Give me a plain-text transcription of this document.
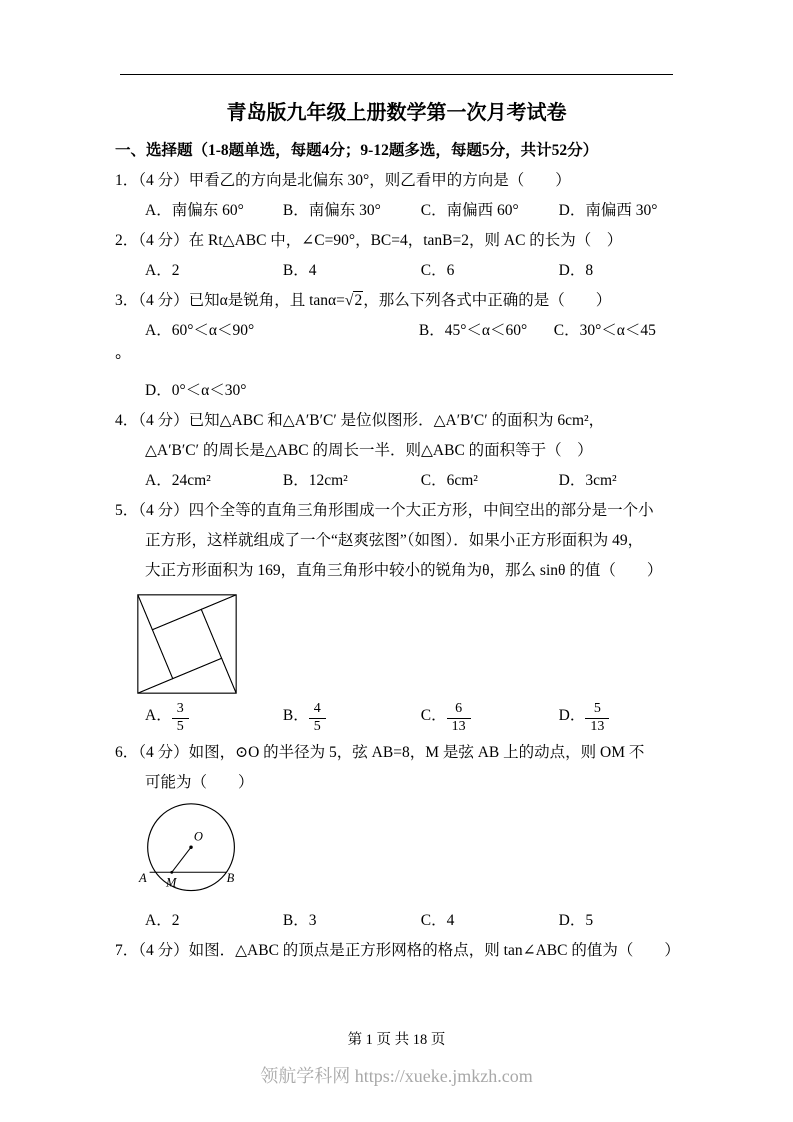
青岛版九年级上册数学第一次月考试卷
一、选择题（1-8题单选，每题4分；9-12题多选，每题5分，共计52分）
1．（4 分）甲看乙的方向是北偏东 30°，则乙看甲的方向是（　　）
A．南偏东 60°	B．南偏东 30°	C．南偏西 60°	D．南偏西 30°
2．（4 分）在 Rt△ABC 中，∠C=90°，BC=4，tanB=2，则 AC 的长为（　）
A．2	B．4	C．6	D．8
3．（4 分）已知α是锐角，且 tanα=√2，那么下列各式中正确的是（　　）
A．60°＜α＜90°	B．45°＜α＜60° C．30°＜α＜45
°
D．0°＜α＜30°
4．（4 分）已知△ABC 和△A′B′C′ 是位似图形．△A′B′C′ 的面积为 6cm²，
△A′B′C′ 的周长是△ABC 的周长一半．则△ABC 的面积等于（　）
A．24cm²	B．12cm²	C．6cm²	D．3cm²
5．（4 分）四个全等的直角三角形围成一个大正方形，中间空出的部分是一个小
正方形，这样就组成了一个“赵爽弦图”（如图）．如果小正方形面积为 49，
大正方形面积为 169，直角三角形中较小的锐角为θ，那么 sinθ 的值（　　）
A． $\frac{3}{5}$	B． $\frac{4}{5}$	C． $\frac{6}{13}$	D． $\frac{5}{13}$
6．（4 分）如图，⊙O 的半径为 5，弦 AB=8，M 是弦 AB 上的动点，则 OM 不
可能为（　　）
O
A M	B
A．2	B．3	C．4	D．5
7．（4 分）如图．△ABC 的顶点是正方形网格的格点，则 tan∠ABC 的值为（　　）
第 1 页 共 18 页
领航学科网 https://xueke.jmkzh.com
